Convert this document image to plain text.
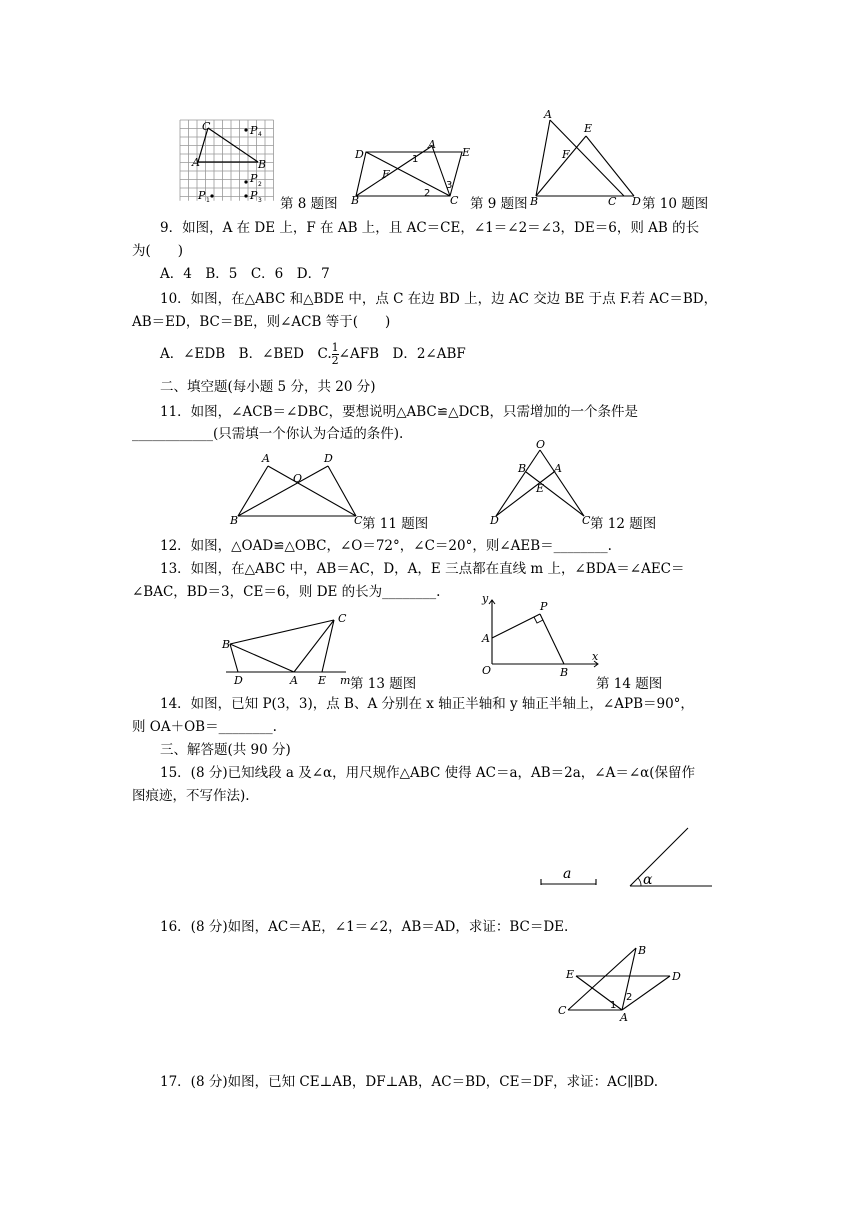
C
A	B
P 4
P 2
P 1	P 3 第 8 题图
D
A
E
F
B	C
1
2
3
第 9 题图
A
E
F
B	C D 第 10 题图
9．如图，A 在 DE 上，F 在 AB 上，且 AC＝CE，∠1＝∠2＝∠3，DE＝6，则 AB 的长
为(　　)
A．4　B．5　C．6　D．7
10．如图，在△ABC 和△BDE 中，点 C 在边 BD 上，边 AC 交边 BE 于点 F.若 AC＝BD，
AB＝ED，BC＝BE，则∠ACB 等于(　　)
A．∠EDB　B．∠BED　C. $\frac{1}{2}$ ∠AFB　D．2∠ABF
二、填空题(每小题 5 分，共 20 分)
11．如图，∠ACB＝∠DBC，要想说明△ABC≌△DCB，只需增加的一个条件是
____________(只需填一个你认为合适的条件).
A	D
O
B	C 第 11 题图
O
B	A
E
D	C 第 12 题图
12．如图，△OAD≌△OBC，∠O＝72°，∠C＝20°，则∠AEB＝________.
13．如图，在△ABC 中，AB＝AC，D，A，E 三点都在直线 m 上，∠BDA＝∠AEC＝
∠BAC，BD＝3，CE＝6，则 DE 的长为________.
B
C
D	A E m 第 13 题图
y
P
A
O	B
x
第 14 题图
14．如图，已知 P(3，3)，点 B、A 分别在 x 轴正半轴和 y 轴正半轴上，∠APB＝90°，
则 OA＋OB＝________.
三、解答题(共 90 分)
15．(8 分)已知线段 a 及∠α，用尺规作△ABC 使得 AC＝a，AB＝2a，∠A＝∠α(保留作
图痕迹，不写作法).
a	α
16．(8 分)如图，AC＝AE，∠1＝∠2，AB＝AD，求证：BC＝DE.
B
E	D
C
A
1
2
17．(8 分)如图，已知 CE⊥AB，DF⊥AB，AC＝BD，CE＝DF，求证：AC∥BD.
